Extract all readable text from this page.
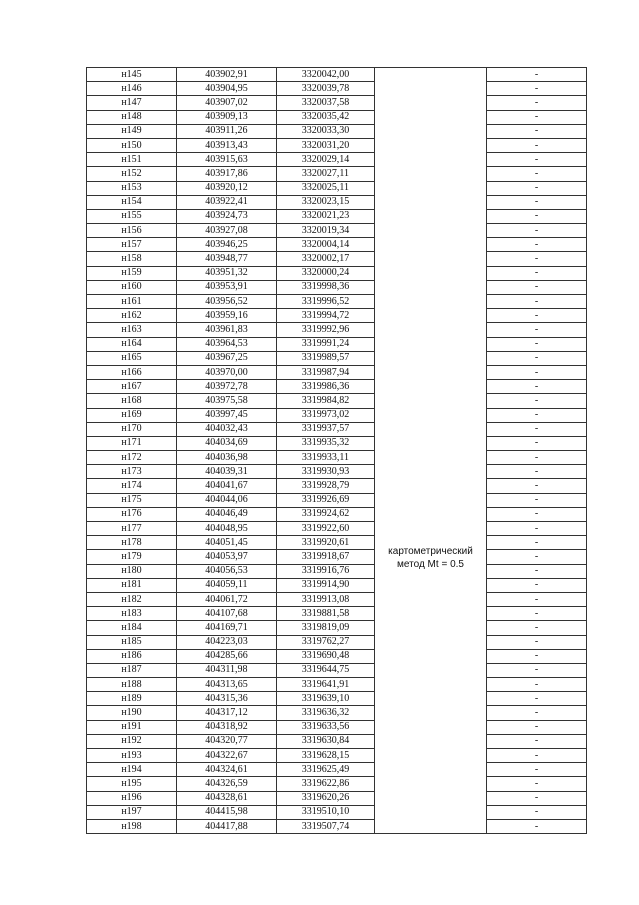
н145	403902,91	3320042,00	картометрический
метод Mt = 0.5	-
н146	403904,95	3320039,78		-
н147	403907,02	3320037,58		-
н148	403909,13	3320035,42		-
н149	403911,26	3320033,30		-
н150	403913,43	3320031,20		-
н151	403915,63	3320029,14		-
н152	403917,86	3320027,11		-
н153	403920,12	3320025,11		-
н154	403922,41	3320023,15		-
н155	403924,73	3320021,23		-
н156	403927,08	3320019,34		-
н157	403946,25	3320004,14		-
н158	403948,77	3320002,17		-
н159	403951,32	3320000,24		-
н160	403953,91	3319998,36		-
н161	403956,52	3319996,52		-
н162	403959,16	3319994,72		-
н163	403961,83	3319992,96		-
н164	403964,53	3319991,24		-
н165	403967,25	3319989,57		-
н166	403970,00	3319987,94		-
н167	403972,78	3319986,36		-
н168	403975,58	3319984,82		-
н169	403997,45	3319973,02		-
н170	404032,43	3319937,57		-
н171	404034,69	3319935,32		-
н172	404036,98	3319933,11		-
н173	404039,31	3319930,93		-
н174	404041,67	3319928,79		-
н175	404044,06	3319926,69		-
н176	404046,49	3319924,62		-
н177	404048,95	3319922,60		-
н178	404051,45	3319920,61		-
н179	404053,97	3319918,67		-
н180	404056,53	3319916,76		-
н181	404059,11	3319914,90		-
н182	404061,72	3319913,08		-
н183	404107,68	3319881,58		-
н184	404169,71	3319819,09		-
н185	404223,03	3319762,27		-
н186	404285,66	3319690,48		-
н187	404311,98	3319644,75		-
н188	404313,65	3319641,91		-
н189	404315,36	3319639,10		-
н190	404317,12	3319636,32		-
н191	404318,92	3319633,56		-
н192	404320,77	3319630,84		-
н193	404322,67	3319628,15		-
н194	404324,61	3319625,49		-
н195	404326,59	3319622,86		-
н196	404328,61	3319620,26		-
н197	404415,98	3319510,10		-
н198	404417,88	3319507,74		-
